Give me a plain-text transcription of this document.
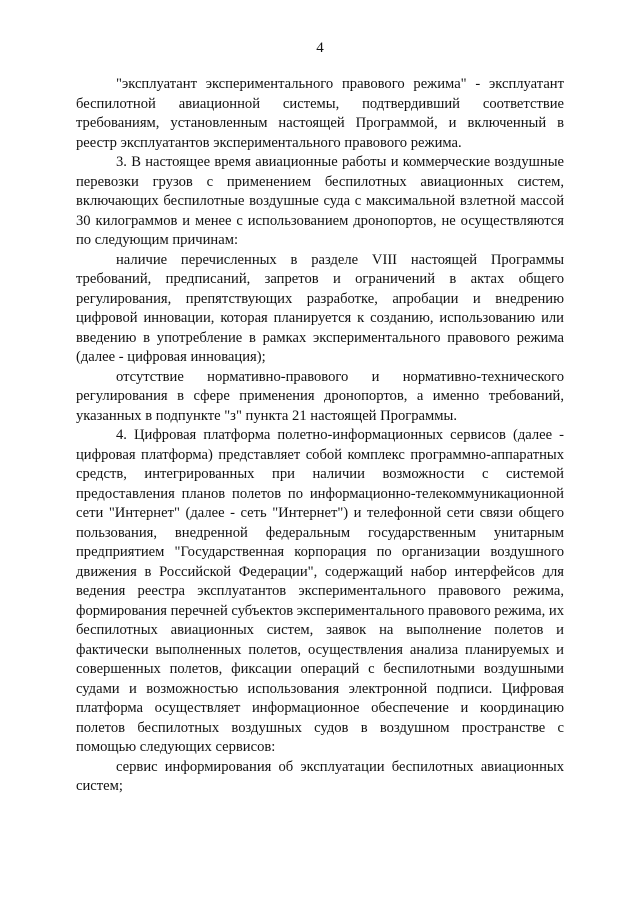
4

"эксплуатант экспериментального правового режима" - эксплуатант беспилотной авиационной системы, подтвердивший соответствие требованиям, установленным настоящей Программой, и включенный в реестр эксплуатантов экспериментального правового режима.

3. В настоящее время авиационные работы и коммерческие воздушные перевозки грузов с применением беспилотных авиационных систем, включающих беспилотные воздушные суда с максимальной взлетной массой 30 килограммов и менее с использованием дронопортов, не осуществляются по следующим причинам:

наличие перечисленных в разделе VIII настоящей Программы требований, предписаний, запретов и ограничений в актах общего регулирования, препятствующих разработке, апробации и внедрению цифровой инновации, которая планируется к созданию, использованию или введению в употребление в рамках экспериментального правового режима (далее - цифровая инновация);

отсутствие нормативно-правового и нормативно-технического регулирования в сфере применения дронопортов, а именно требований, указанных в подпункте "з" пункта 21 настоящей Программы.

4. Цифровая платформа полетно-информационных сервисов (далее - цифровая платформа) представляет собой комплекс программно-аппаратных средств, интегрированных при наличии возможности с системой предоставления планов полетов по информационно-телекоммуникационной сети "Интернет" (далее - сеть "Интернет") и телефонной сети связи общего пользования, внедренной федеральным государственным унитарным предприятием "Государственная корпорация по организации воздушного движения в Российской Федерации", содержащий набор интерфейсов для ведения реестра эксплуатантов экспериментального правового режима, формирования перечней субъектов экспериментального правового режима, их беспилотных авиационных систем, заявок на выполнение полетов и фактически выполненных полетов, осуществления анализа планируемых и совершенных полетов, фиксации операций с беспилотными воздушными судами и возможностью использования электронной подписи. Цифровая платформа осуществляет информационное обеспечение и координацию полетов беспилотных воздушных судов в воздушном пространстве с помощью следующих сервисов:

сервис информирования об эксплуатации беспилотных авиационных систем;
